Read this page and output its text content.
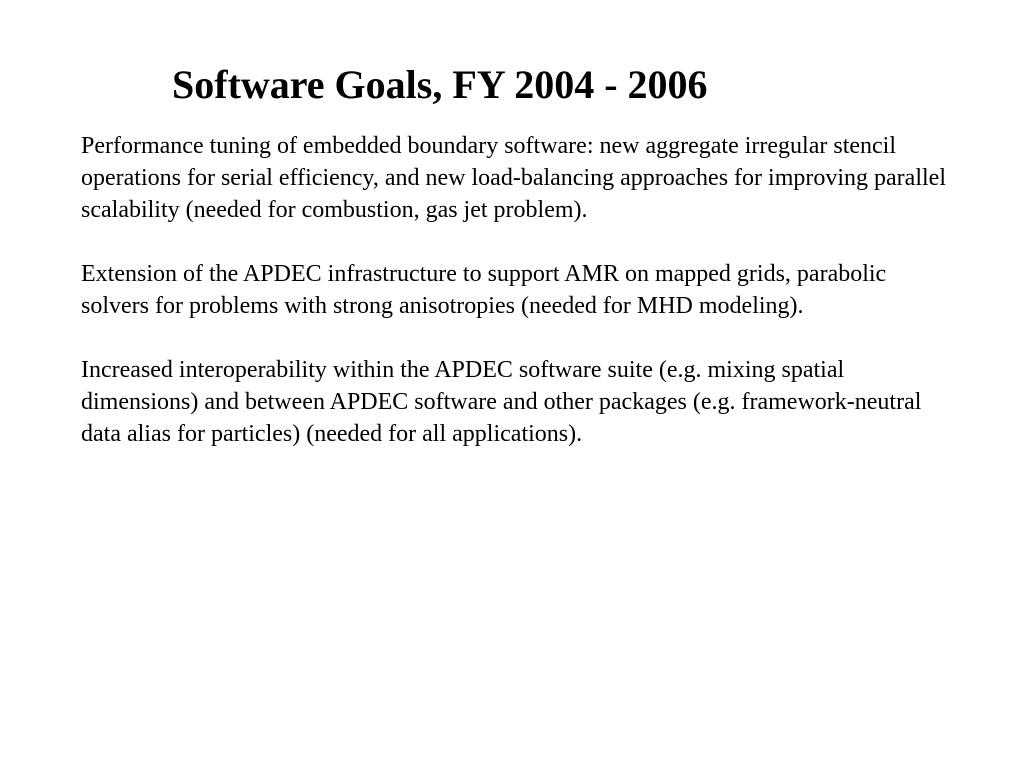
Software Goals, FY 2004 - 2006

Performance tuning of embedded boundary software: new aggregate irregular stencil operations for serial efficiency, and new load-balancing approaches for improving parallel scalability (needed for combustion, gas jet problem).

Extension of the APDEC infrastructure to support AMR on mapped grids, parabolic solvers for problems with strong anisotropies (needed for MHD modeling).

Increased interoperability within the APDEC software suite (e.g. mixing spatial dimensions) and between APDEC software and other packages (e.g. framework-neutral data alias for particles) (needed for all applications).
